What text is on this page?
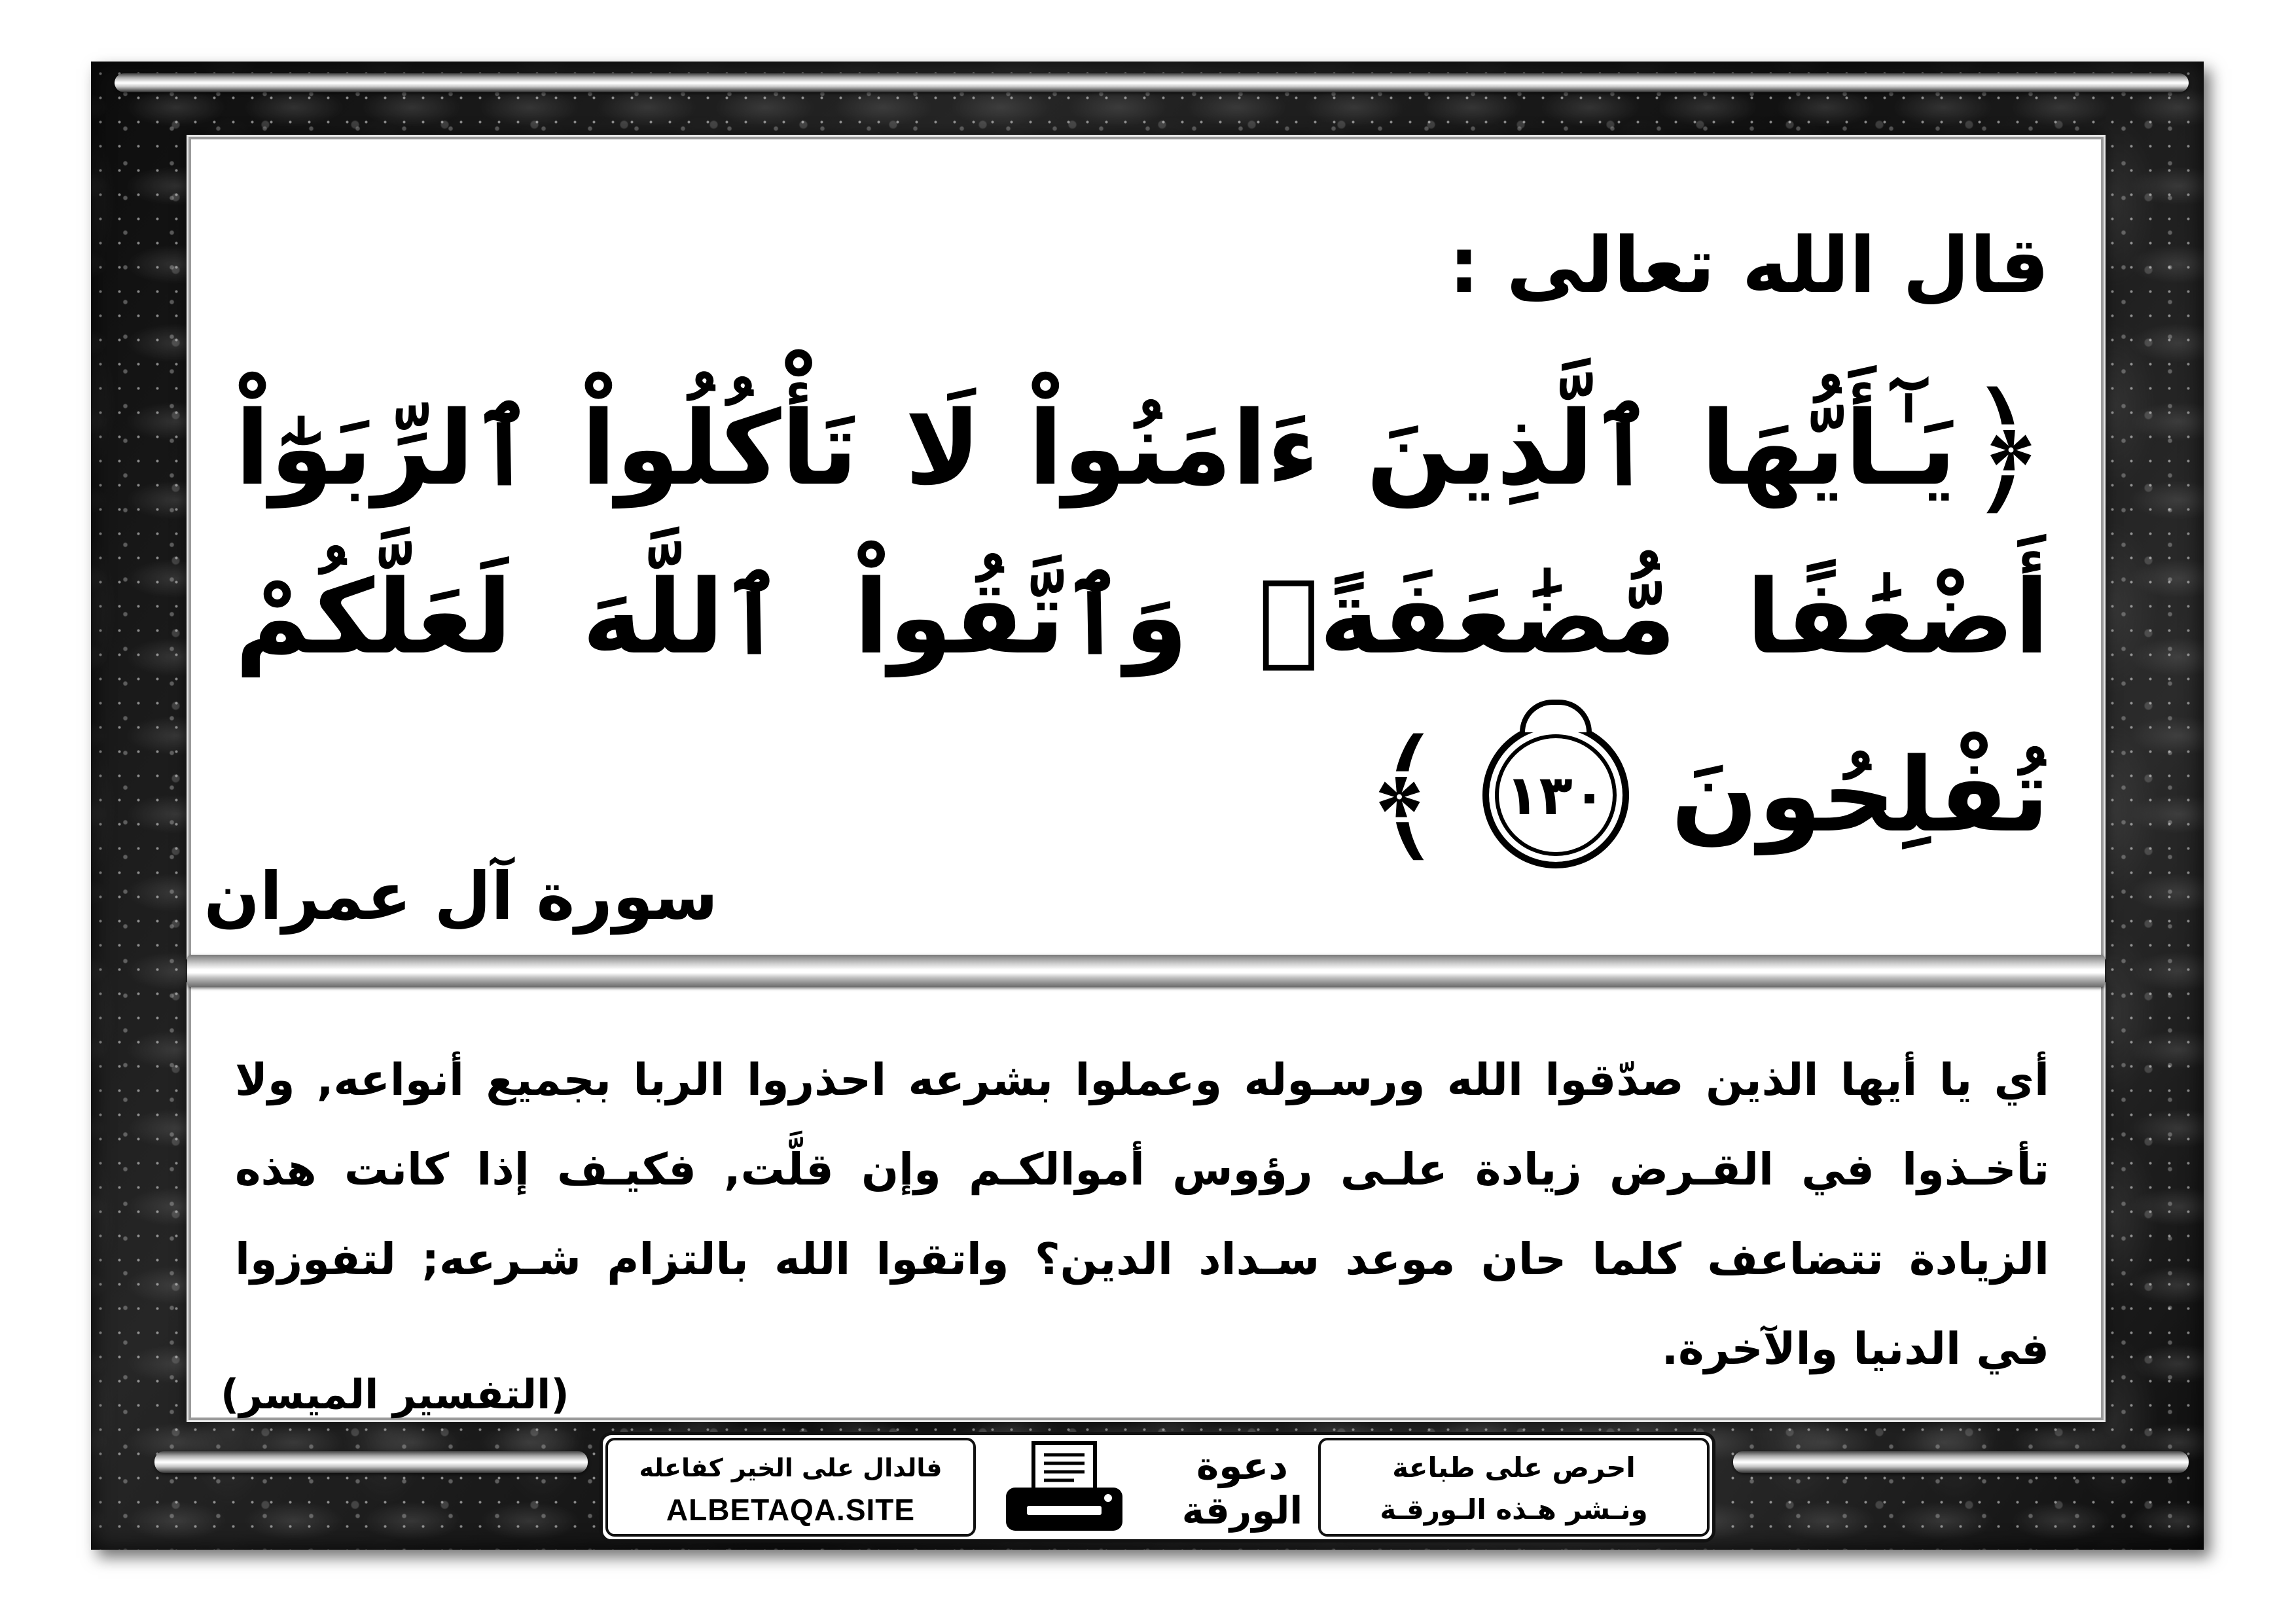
قال الله تعالى :
﴿
يَـٰٓأَيُّهَا ٱلَّذِينَ ءَامَنُواْ لَا تَأْكُلُواْ ٱلرِّبَوٰٓاْ
أَضْعَٰفًا مُّضَٰعَفَةًۖ وَٱتَّقُواْ ٱللَّهَ لَعَلَّكُمْ
تُفْلِحُونَ
١٣٠
﴾
سورة آل عمران
أي يا أيها الذين صدّقوا الله ورسـوله وعملوا بشرعه احذروا الربا بجميع أنواعه, ولا
تأخـذوا في القـرض زيادة علـى رؤوس أموالكـم وإن قلَّت, فكيـف إذا كانت هذه
الزيادة تتضاعف كلما حان موعد سـداد الدين؟ واتقوا الله بالتزام شـرعه; لتفوزوا
في الدنيا والآخرة.
(التفسير الميسر)
فالدال على الخير كفاعله
ALBETAQA.SITE
دعوة
الورقة
احرص على طباعة
ونـشر هـذه الـورقـة
